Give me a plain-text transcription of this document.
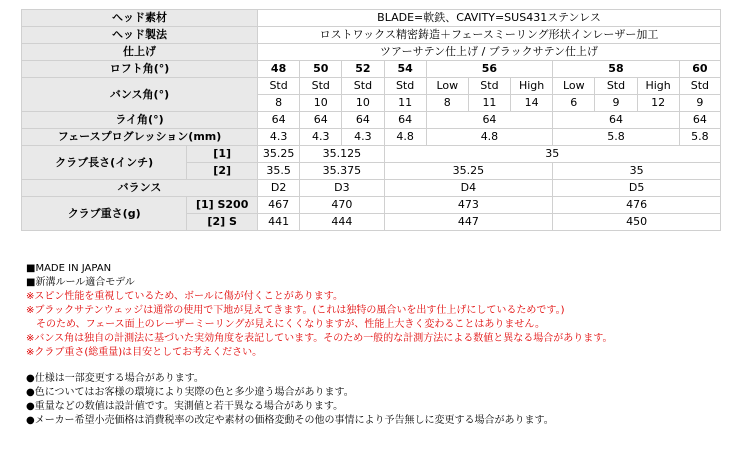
ヘッド素材		BLADE=軟鉄、CAVITY=SUS431ステンレス										
ヘッド製法		ロストワックス精密鋳造＋フェースミーリング形状インレーザー加工										
仕上げ		ツアーサテン仕上げ / ブラックサテン仕上げ										
ロフト角(°)		48	50	52	54	56			58			60
バンス角(°)		Std	Std	Std	Std	Low	Std	High	Low	Std	High	Std
		8	10	10	11	8	11	14	6	9	12	9
ライ角(°)		64	64	64	64	64			64			64
フェースプログレッション(mm)		4.3	4.3	4.3	4.8	4.8			5.8			5.8
クラブ長さ(インチ)	[1]	35.25	35.125		35							
	[2]	35.5	35.375		35.25				35			
バランス		D2	D3		D4				D5			
クラブ重さ(g)	[1] S200	467	470		473				476			
	[2] S	441	444		447				450			
■MADE IN JAPAN
■新溝ルール適合モデル
※スピン性能を重視しているため、ボールに傷が付くことがあります。
※ブラックサテンウェッジは通常の使用で下地が見えてきます。(これは独特の風合いを出す仕上げにしているためです。)
　そのため、フェース面上のレーザーミーリングが見えにくくなりますが、性能上大きく変わることはありません。
※バンス角は独自の計測法に基づいた実効角度を表記しています。そのため一般的な計測方法による数値と異なる場合があります。
※クラブ重さ(総重量)は目安としてお考えください。
●仕様は一部変更する場合があります。
●色についてはお客様の環境により実際の色と多少違う場合があります。
●重量などの数値は設計値です。実測値と若干異なる場合があります。
●メーカー希望小売価格は消費税率の改定や素材の価格変動その他の事情により予告無しに変更する場合があります。
